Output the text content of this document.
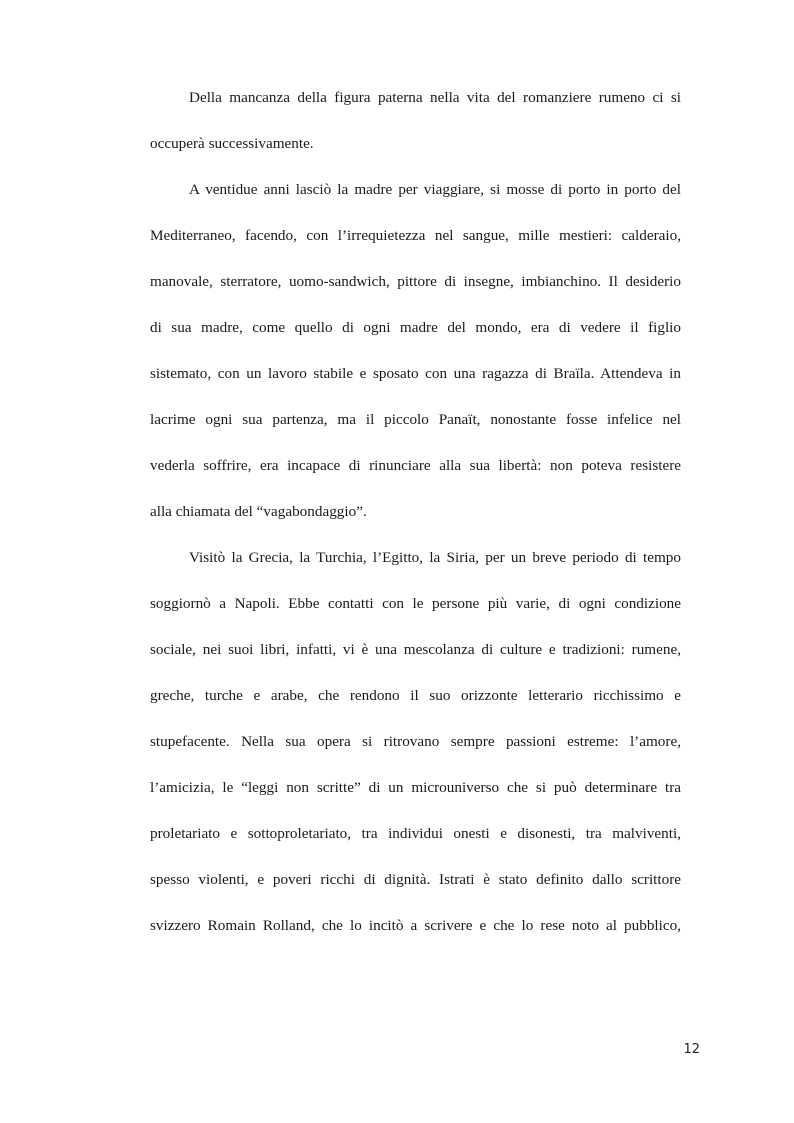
Della mancanza della figura paterna nella vita del romanziere rumeno ci si
occuperà successivamente.
A ventidue anni lasciò la madre per viaggiare, si mosse di porto in porto del
Mediterraneo, facendo, con l’irrequietezza nel sangue, mille mestieri: calderaio,
manovale, sterratore, uomo-sandwich, pittore di insegne, imbianchino. Il desiderio
di sua madre, come quello di ogni madre del mondo, era di vedere il figlio
sistemato, con un lavoro stabile e sposato con una ragazza di Braïla. Attendeva in
lacrime ogni sua partenza, ma il piccolo Panaït, nonostante fosse infelice nel
vederla soffrire, era incapace di rinunciare alla sua libertà: non poteva resistere
alla chiamata del “vagabondaggio”.
Visitò la Grecia, la Turchia, l’Egitto, la Siria, per un breve periodo di tempo
soggiornò a Napoli. Ebbe contatti con le persone più varie, di ogni condizione
sociale, nei suoi libri, infatti, vi è una mescolanza di culture e tradizioni: rumene,
greche, turche e arabe, che rendono il suo orizzonte letterario ricchissimo e
stupefacente. Nella sua opera si ritrovano sempre passioni estreme: l’amore,
l’amicizia, le “leggi non scritte” di un microuniverso che si può determinare tra
proletariato e sottoproletariato, tra individui onesti e disonesti, tra malviventi,
spesso violenti, e poveri ricchi di dignità. Istrati è stato definito dallo scrittore
svizzero Romain Rolland, che lo incitò a scrivere e che lo rese noto al pubblico,
12
